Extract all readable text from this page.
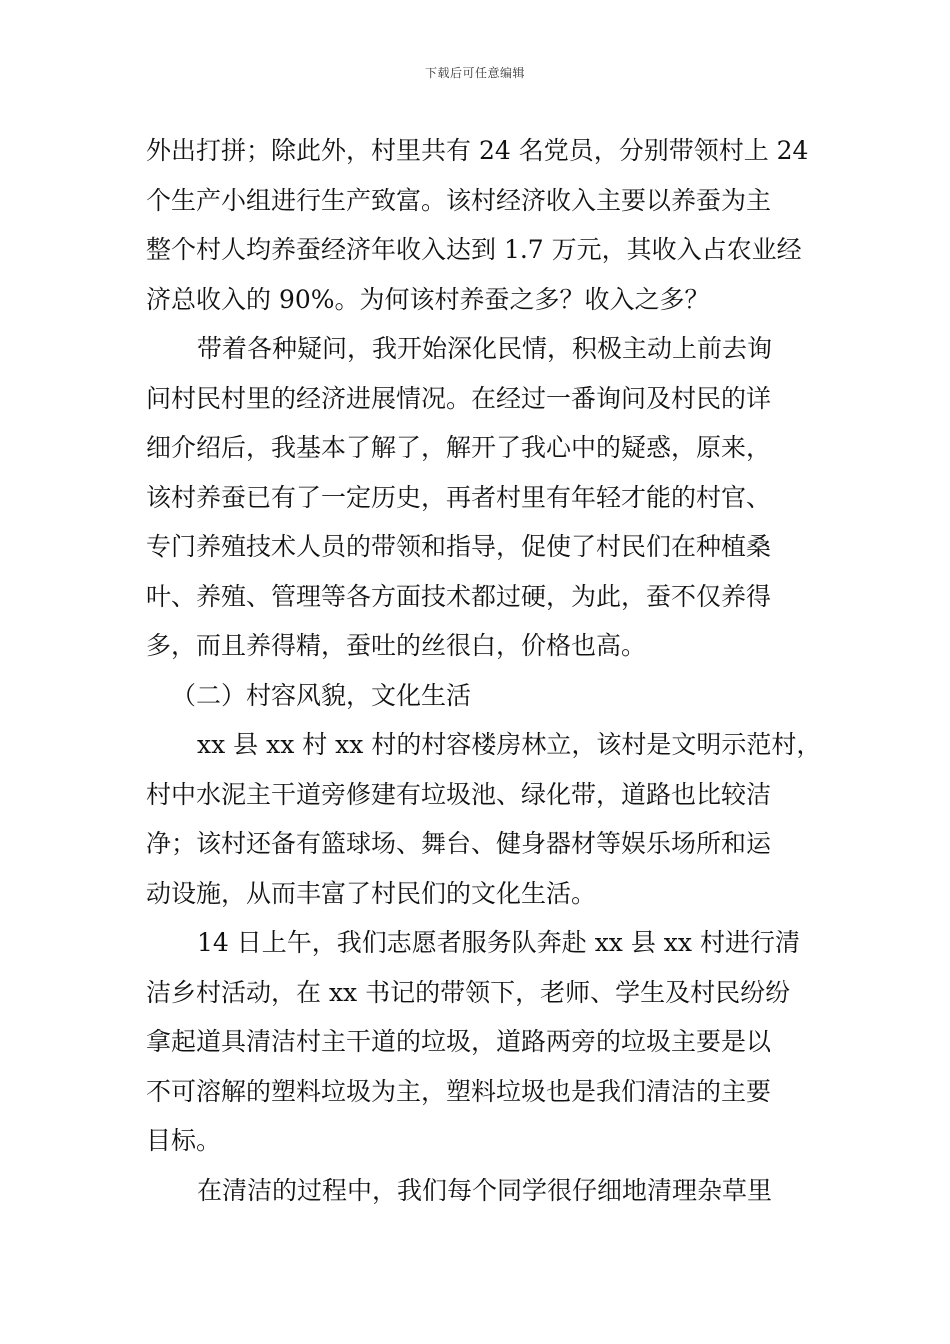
下载后可任意编辑
外出打拼；除此外，村里共有 24 名党员，分别带领村上 24
个生产小组进行生产致富。该村经济收入主要以养蚕为主
整个村人均养蚕经济年收入达到 1.7 万元，其收入占农业经
济总收入的 90%。为何该村养蚕之多？收入之多？
带着各种疑问，我开始深化民情，积极主动上前去询
问村民村里的经济进展情况。在经过一番询问及村民的详
细介绍后，我基本了解了，解开了我心中的疑惑，原来，
该村养蚕已有了一定历史，再者村里有年轻才能的村官、
专门养殖技术人员的带领和指导，促使了村民们在种植桑
叶、养殖、管理等各方面技术都过硬，为此，蚕不仅养得
多，而且养得精，蚕吐的丝很白，价格也高。
（二）村容风貌，文化生活
xx 县 xx 村 xx 村的村容楼房林立，该村是文明示范村，
村中水泥主干道旁修建有垃圾池、绿化带，道路也比较洁
净；该村还备有篮球场、舞台、健身器材等娱乐场所和运
动设施，从而丰富了村民们的文化生活。
14 日上午，我们志愿者服务队奔赴 xx 县 xx 村进行清
洁乡村活动，在 xx 书记的带领下，老师、学生及村民纷纷
拿起道具清洁村主干道的垃圾，道路两旁的垃圾主要是以
不可溶解的塑料垃圾为主，塑料垃圾也是我们清洁的主要
目标。
在清洁的过程中，我们每个同学很仔细地清理杂草里
